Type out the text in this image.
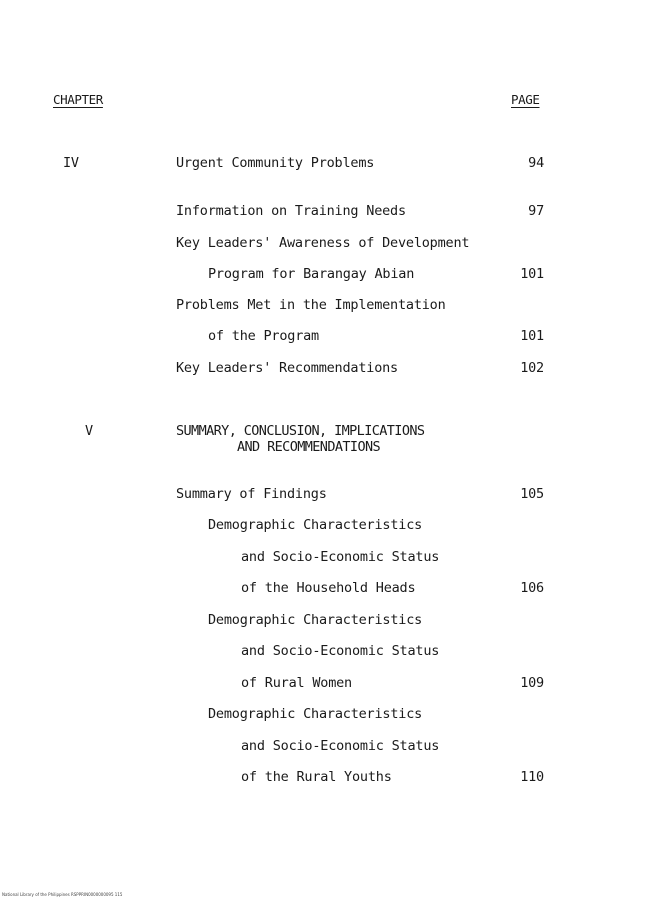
CHAPTER	PAGE
IV	Urgent Community Problems	94
Information on Training Needs	97
Key Leaders' Awareness of Development
Program for Barangay Abian	101
Problems Met in the Implementation
of the Program	101
Key Leaders' Recommendations	102
V	SUMMARY, CONCLUSION, IMPLICATIONS
AND RECOMMENDATIONS
Summary of Findings	105
Demographic Characteristics
and Socio-Economic Status
of the Household Heads	106
Demographic Characteristics
and Socio-Economic Status
of Rural Women	109
Demographic Characteristics
and Socio-Economic Status
of the Rural Youths	110
National Library of the Philippines RSPPRIN0000000095 115
